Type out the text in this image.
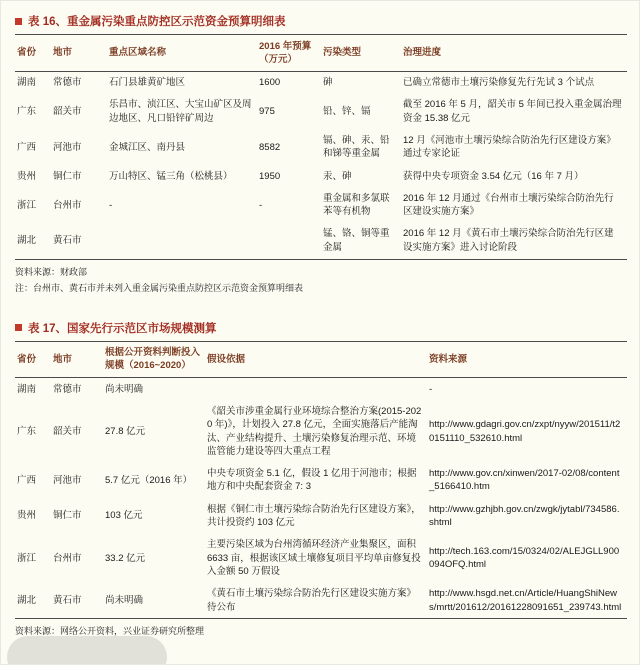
表 16、重金属污染重点防控区示范资金预算明细表
省份	地市	重点区域名称	2016 年预算（万元）	污染类型	治理进度
湖南	常德市	石门县雄黄矿地区	1600	砷	已确立常德市土壤污染修复先行先试 3 个试点
广东	韶关市	乐昌市、浈江区、大宝山矿区及周边地区、凡口铅锌矿周边	975	铅、锌、镉	截至 2016 年 5 月，韶关市 5 年间已投入重金属治理资金 15.38 亿元
广西	河池市	金城江区、南丹县	8582	镉、砷、汞、铅和锑等重金属	12 月《河池市土壤污染综合防治先行区建设方案》通过专家论证
贵州	铜仁市	万山特区、锰三角（松桃县）	1950	汞、砷	获得中央专项资金 3.54 亿元（16 年 7 月）
浙江	台州市	-	-	重金属和多氯联苯等有机物	2016 年 12 月通过《台州市土壤污染综合防治先行区建设实施方案》
湖北	黄石市			锰、铬、铜等重金属	2016 年 12 月《黄石市土壤污染综合防治先行区建设实施方案》进入讨论阶段
资料来源：财政部
注：台州市、黄石市并未列入重金属污染重点防控区示范资金预算明细表
表 17、国家先行示范区市场规模测算
省份	地市	根据公开资料判断投入规模（2016~2020）	假设依据	资料来源
湖南	常德市	尚未明确		-
广东	韶关市	27.8 亿元	《韶关市涉重金属行业环境综合整治方案(2015-2020 年)》，计划投入 27.8 亿元，全面实施落后产能淘汰、产业结构提升、土壤污染修复治理示范、环境监管能力建设等四大重点工程	http://www.gdagri.gov.cn/zxpt/nyyw/201511/t20151110_532610.html
广西	河池市	5.7 亿元（2016 年）	中央专项资金 5.1 亿，假设 1 亿用于河池市；根据地方和中央配套资金 7: 3	http://www.gov.cn/xinwen/2017-02/08/content_5166410.htm
贵州	铜仁市	103 亿元	根据《铜仁市土壤污染综合防治先行区建设方案》，共计投资约 103 亿元	http://www.gzhjbh.gov.cn/zwgk/jytabl/734586.shtml
浙江	台州市	33.2 亿元	主要污染区域为台州湾循环经济产业集聚区，面积 6633 亩，根据该区域土壤修复项目平均单亩修复投入金额 50 万假设	http://tech.163.com/15/0324/02/ALEJGLL900094OFQ.html
湖北	黄石市	尚未明确	《黄石市土壤污染综合防治先行区建设实施方案》待公布	http://www.hsgd.net.cn/Article/HuangShiNews/mrtt/201612/20161228091651_239743.html
资料来源：网络公开资料，兴业证券研究所整理
